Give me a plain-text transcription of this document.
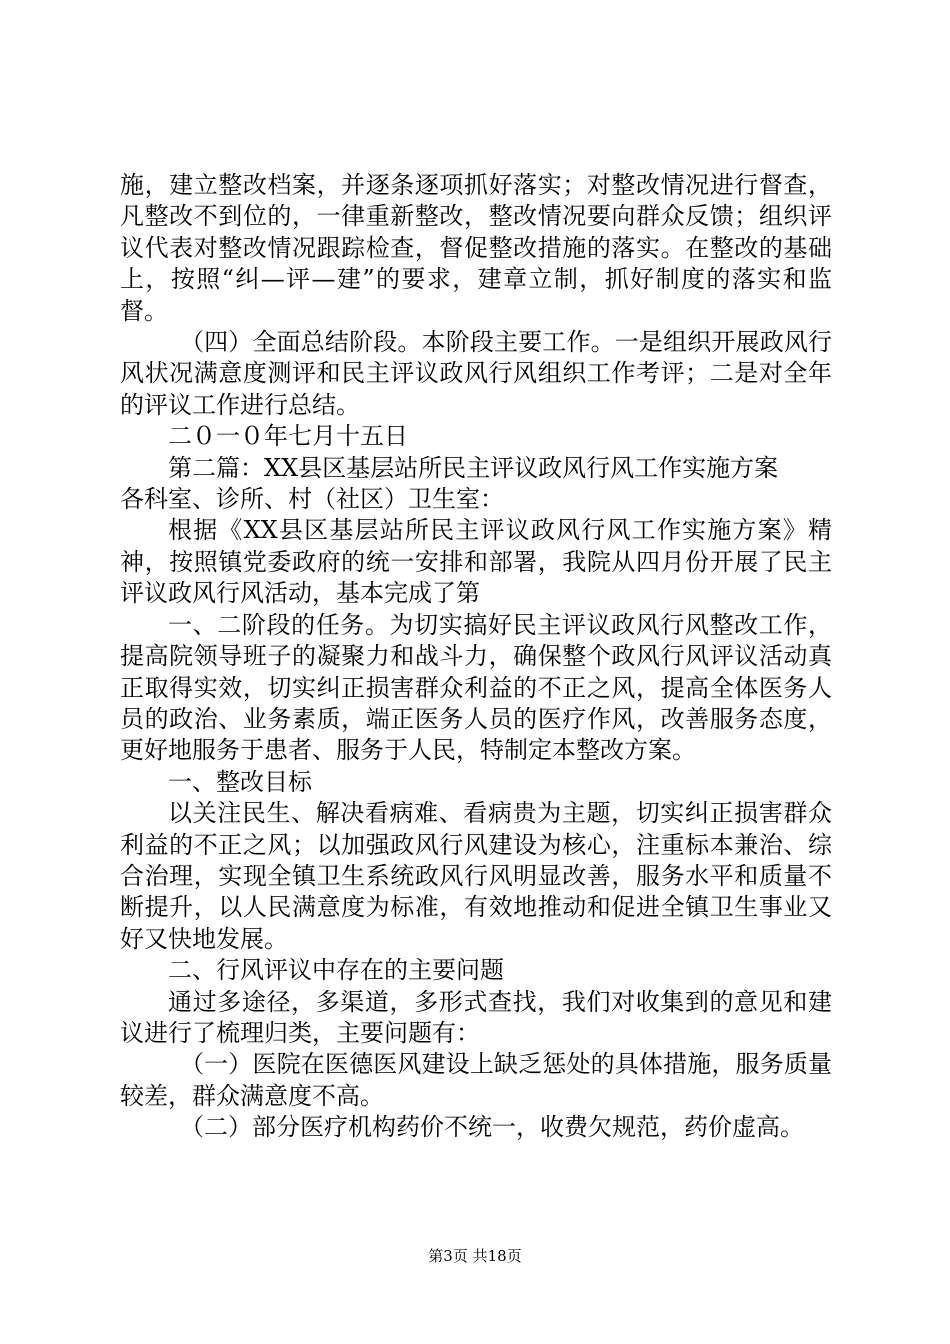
施，建立整改档案，并逐条逐项抓好落实；对整改情况进行督查，凡整改不到位的，一律重新整改，整改情况要向群众反馈；组织评议代表对整改情况跟踪检查，督促整改措施的落实。在整改的基础上，按照“纠—评—建”的要求，建章立制，抓好制度的落实和监督。

（四）全面总结阶段。本阶段主要工作。一是组织开展政风行风状况满意度测评和民主评议政风行风组织工作考评；二是对全年的评议工作进行总结。

二０一０年七月十五日

第二篇：XX县区基层站所民主评议政风行风工作实施方案

各科室、诊所、村（社区）卫生室：

根据《XX县区基层站所民主评议政风行风工作实施方案》精神，按照镇党委政府的统一安排和部署，我院从四月份开展了民主评议政风行风活动，基本完成了第

一、二阶段的任务。为切实搞好民主评议政风行风整改工作，提高院领导班子的凝聚力和战斗力，确保整个政风行风评议活动真正取得实效，切实纠正损害群众利益的不正之风，提高全体医务人员的政治、业务素质，端正医务人员的医疗作风，改善服务态度，更好地服务于患者、服务于人民，特制定本整改方案。

一、整改目标

以关注民生、解决看病难、看病贵为主题，切实纠正损害群众利益的不正之风；以加强政风行风建设为核心，注重标本兼治、综合治理，实现全镇卫生系统政风行风明显改善，服务水平和质量不断提升，以人民满意度为标准，有效地推动和促进全镇卫生事业又好又快地发展。

二、行风评议中存在的主要问题

通过多途径，多渠道，多形式查找，我们对收集到的意见和建议进行了梳理归类，主要问题有：

（一）医院在医德医风建设上缺乏惩处的具体措施，服务质量较差，群众满意度不高。

（二）部分医疗机构药价不统一，收费欠规范，药价虚高。

第3页 共18页
